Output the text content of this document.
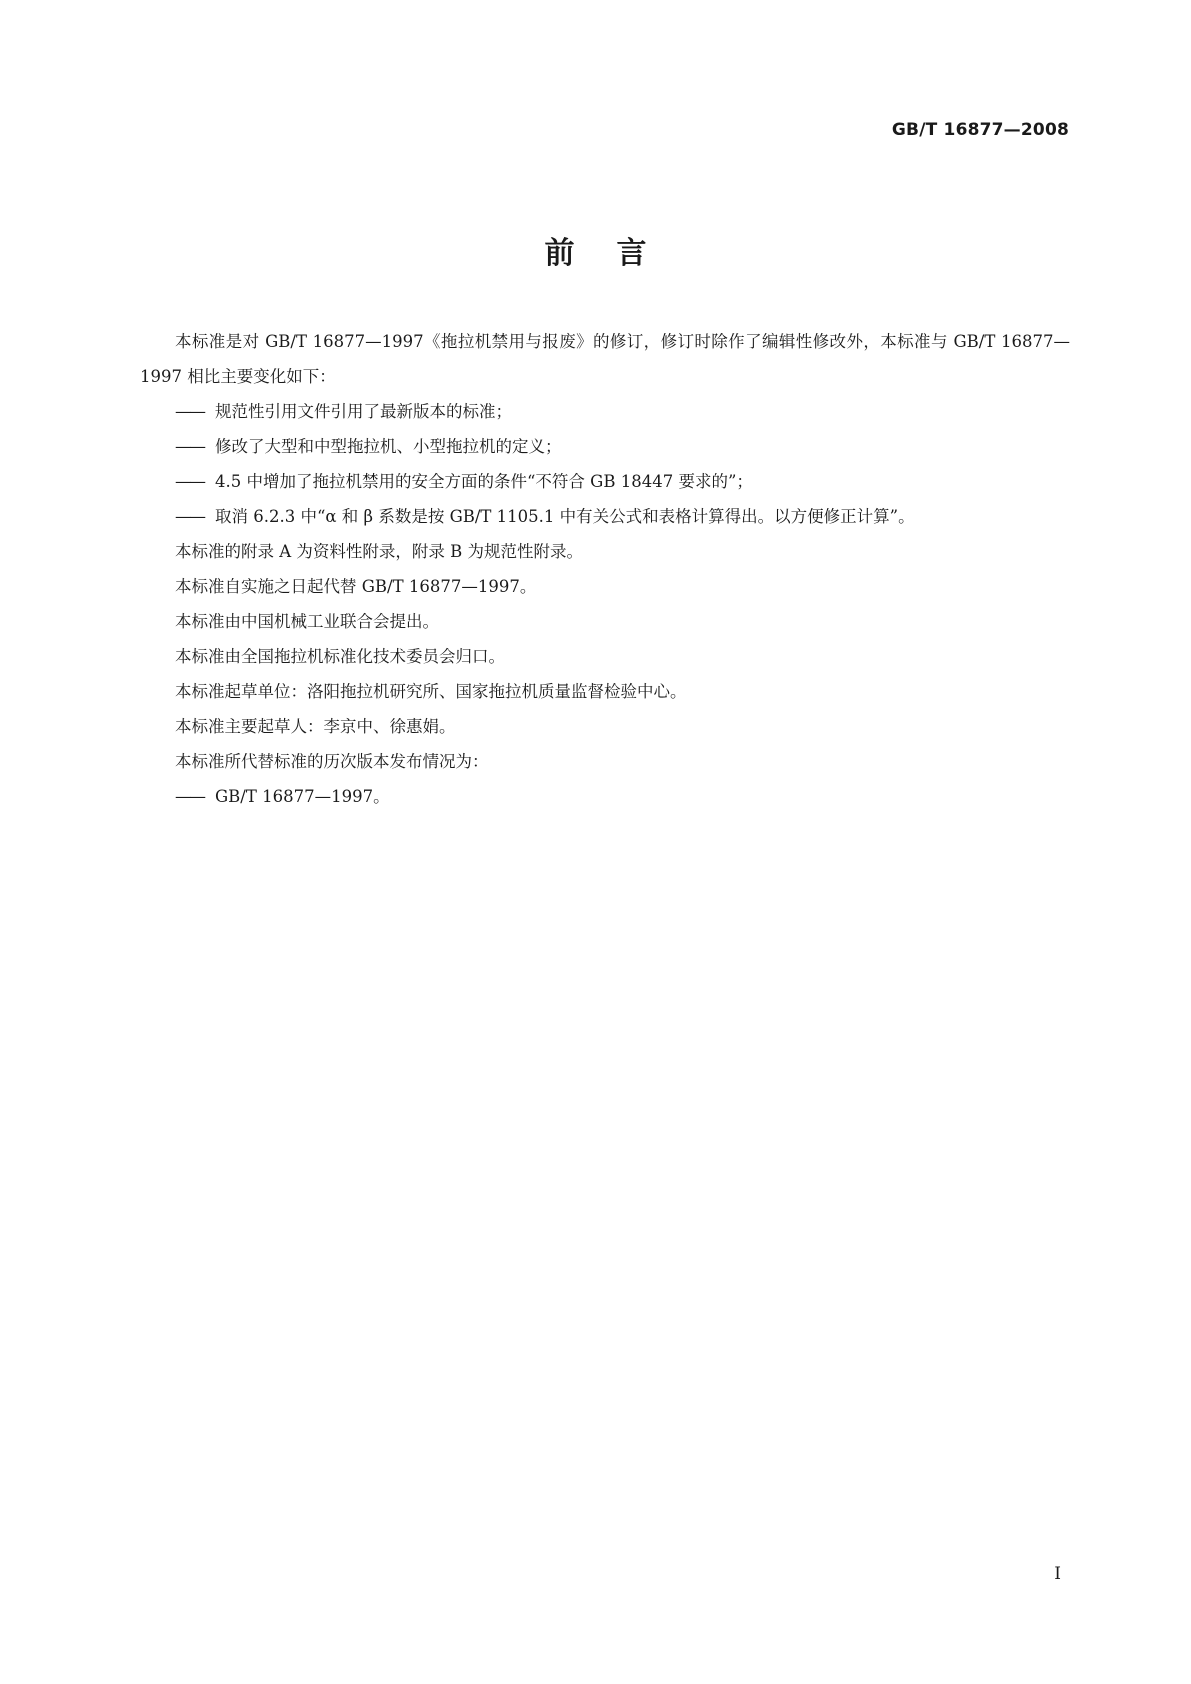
GB/T 16877—2008
前言

本标准是对 GB/T 16877—1997《拖拉机禁用与报废》的修订，修订时除作了编辑性修改外，本标准与 GB/T 16877—1997 相比主要变化如下：

—— 规范性引用文件引用了最新版本的标准；

—— 修改了大型和中型拖拉机、小型拖拉机的定义；

—— 4.5 中增加了拖拉机禁用的安全方面的条件“不符合 GB 18447 要求的”；

—— 取消 6.2.3 中“α 和 β 系数是按 GB/T 1105.1 中有关公式和表格计算得出。以方便修正计算”。

本标准的附录 A 为资料性附录，附录 B 为规范性附录。

本标准自实施之日起代替 GB/T 16877—1997。

本标准由中国机械工业联合会提出。

本标准由全国拖拉机标准化技术委员会归口。

本标准起草单位：洛阳拖拉机研究所、国家拖拉机质量监督检验中心。

本标准主要起草人：李京中、徐惠娟。

本标准所代替标准的历次版本发布情况为：

—— GB/T 16877—1997。

I
